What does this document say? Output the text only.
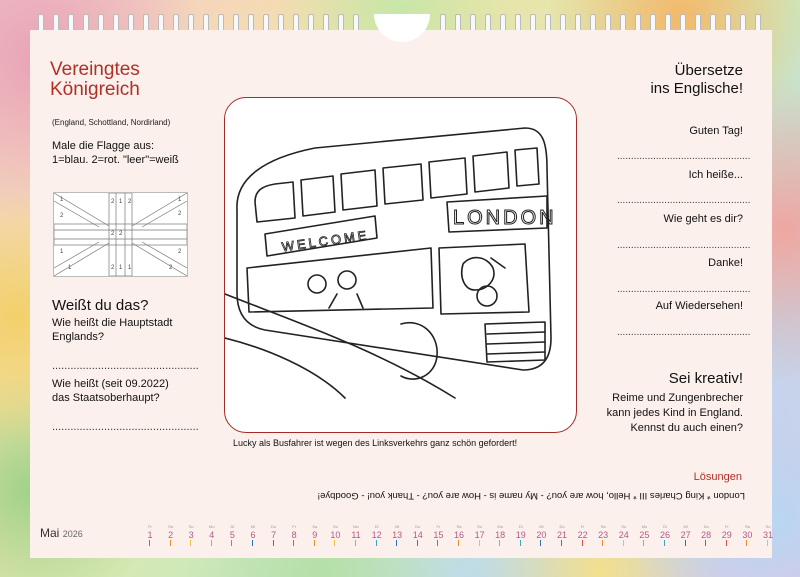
Vereingtes
Königreich
(England, Schottland, Nordirland)
Male die Flagge aus:
1=blau. 2=rot. "leer"=weiß
1	2 1 2	1
2	2
2 2
1	2
1	2 1	2
1
Weißt du das?
Wie heißt die Hauptstadt
Englands?
................................................
Wie heißt (seit 09.2022)
das Staatsoberhaupt?
................................................
WELCOME
LONDON
Lucky als Busfahrer ist wegen des Linksverkehrs ganz schön gefordert!
Übersetze
ins Englische!
Guten Tag!
................................................
Ich heiße...
................................................
Wie geht es dir?
................................................
Danke!
................................................
Auf Wiedersehen!
................................................
Sei kreativ!
Reime und Zungenbrecher
kann jedes Kind in England.
Kennst du auch einen?
Lösungen
London * King Charles III * Hello, how are you? - My name is - How are you? - Thank you! - Goodbye!
Mai 2026
Fr
1
Sa
2
So
3
Mo
4
Di
5
Mi
6
Do
7
Fr
8
Sa
9
So
10
Mo
11
Di
12
Mi
13
Do
14
Fr
15
Sa
16
So
17
Mo
18
Di
19
Mi
20
Do
21
Fr
22
Sa
23
So
24
Mo
25
Di
26
Mi
27
Do
28
Fr
29
Sa
30
So
31
